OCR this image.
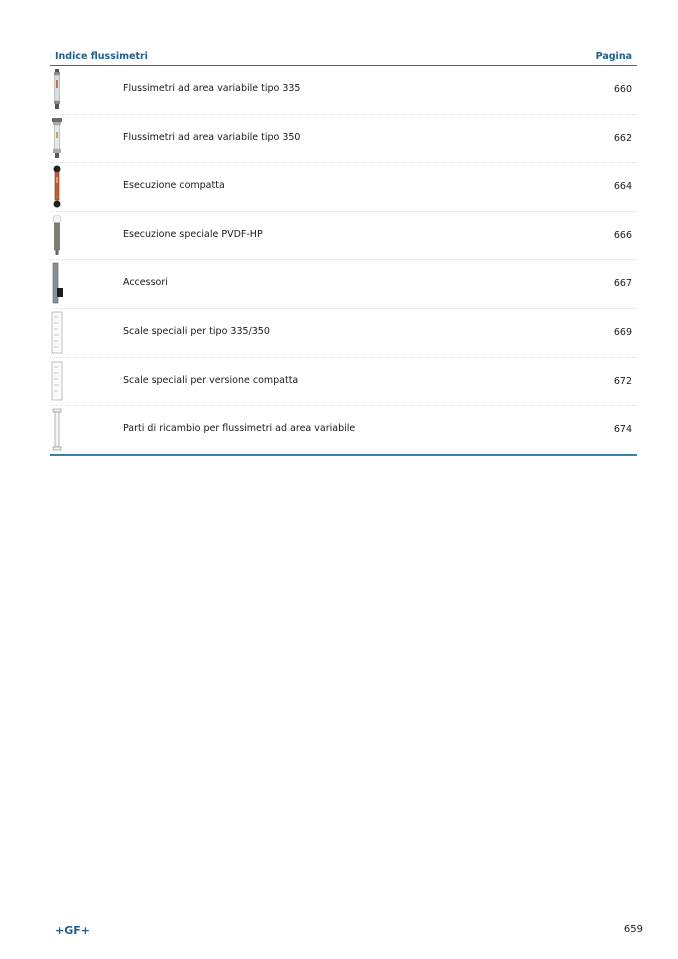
Indice flussimetri	Pagina
Flussimetri ad area variabile tipo 335	660
Flussimetri ad area variabile tipo 350	662
Esecuzione compatta	664
Esecuzione speciale PVDF-HP	666
Accessori	667
Scale speciali per tipo 335/350	669
Scale speciali per versione compatta	672
Parti di ricambio per flussimetri ad area variabile	674
+GF+	659
